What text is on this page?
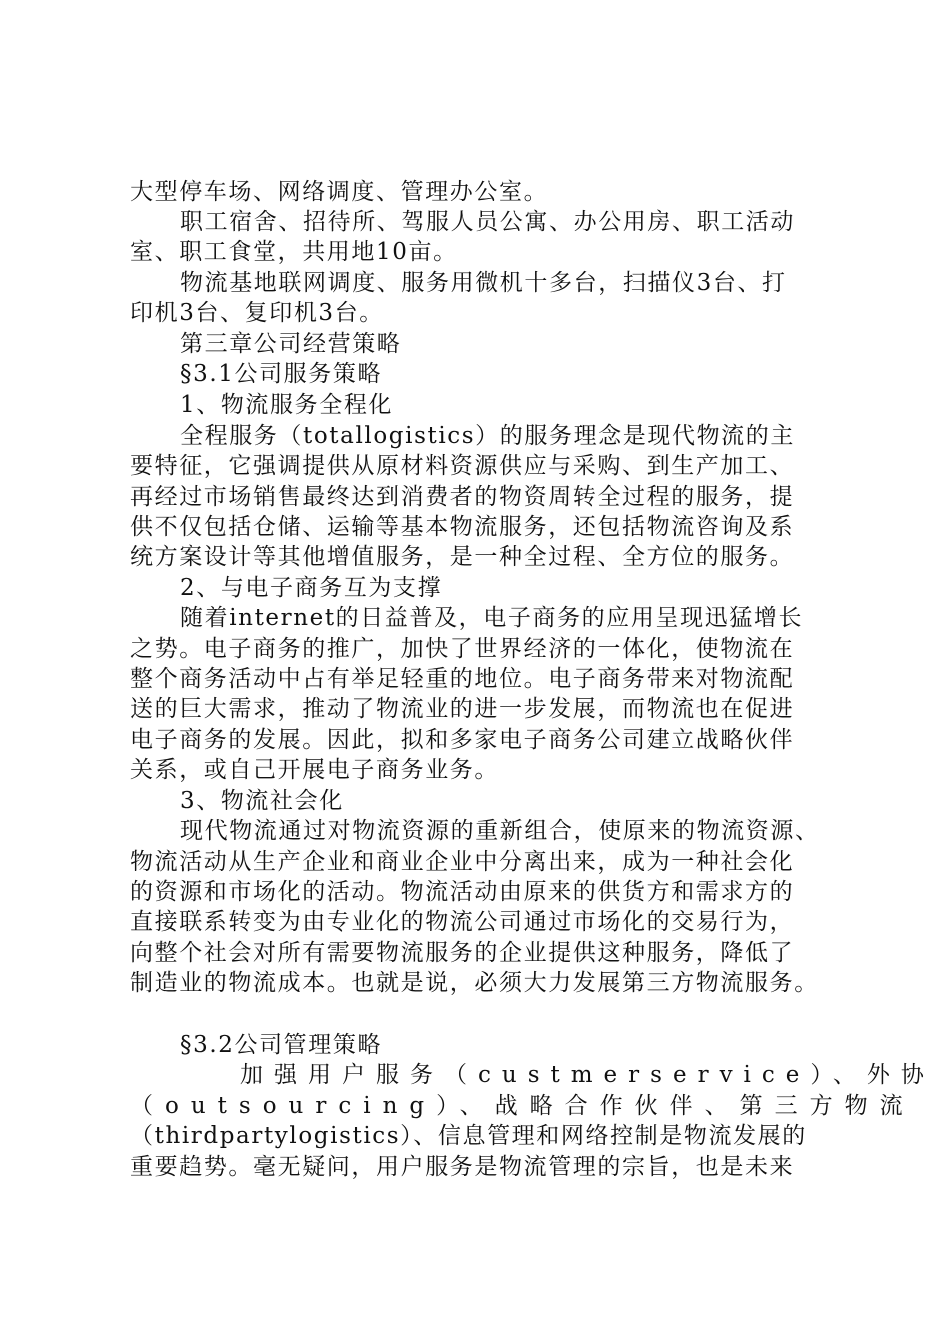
大型停车场、网络调度、管理办公室。
职工宿舍、招待所、驾服人员公寓、办公用房、职工活动
室、职工食堂，共用地10亩。
物流基地联网调度、服务用微机十多台，扫描仪3台、打
印机3台、复印机3台。
第三章公司经营策略
§3.1公司服务策略
1、物流服务全程化
全程服务（totallogistics）的服务理念是现代物流的主
要特征，它强调提供从原材料资源供应与采购、到生产加工、
再经过市场销售最终达到消费者的物资周转全过程的服务，提
供不仅包括仓储、运输等基本物流服务，还包括物流咨询及系
统方案设计等其他增值服务，是一种全过程、全方位的服务。
2、与电子商务互为支撑
随着internet的日益普及，电子商务的应用呈现迅猛增长
之势。电子商务的推广，加快了世界经济的一体化，使物流在
整个商务活动中占有举足轻重的地位。电子商务带来对物流配
送的巨大需求，推动了物流业的进一步发展，而物流也在促进
电子商务的发展。因此，拟和多家电子商务公司建立战略伙伴
关系，或自己开展电子商务业务。
3、物流社会化
现代物流通过对物流资源的重新组合，使原来的物流资源、
物流活动从生产企业和商业企业中分离出来，成为一种社会化
的资源和市场化的活动。物流活动由原来的供货方和需求方的
直接联系转变为由专业化的物流公司通过市场化的交易行为，
向整个社会对所有需要物流服务的企业提供这种服务，降低了
制造业的物流成本。也就是说，必须大力发展第三方物流服务。
§3.2公司管理策略
加强用户服务（custmerservice）、外协
（outsourcing）、战略合作伙伴、第三方物流
（thirdpartylogistics）、信息管理和网络控制是物流发展的
重要趋势。毫无疑问，用户服务是物流管理的宗旨，也是未来
